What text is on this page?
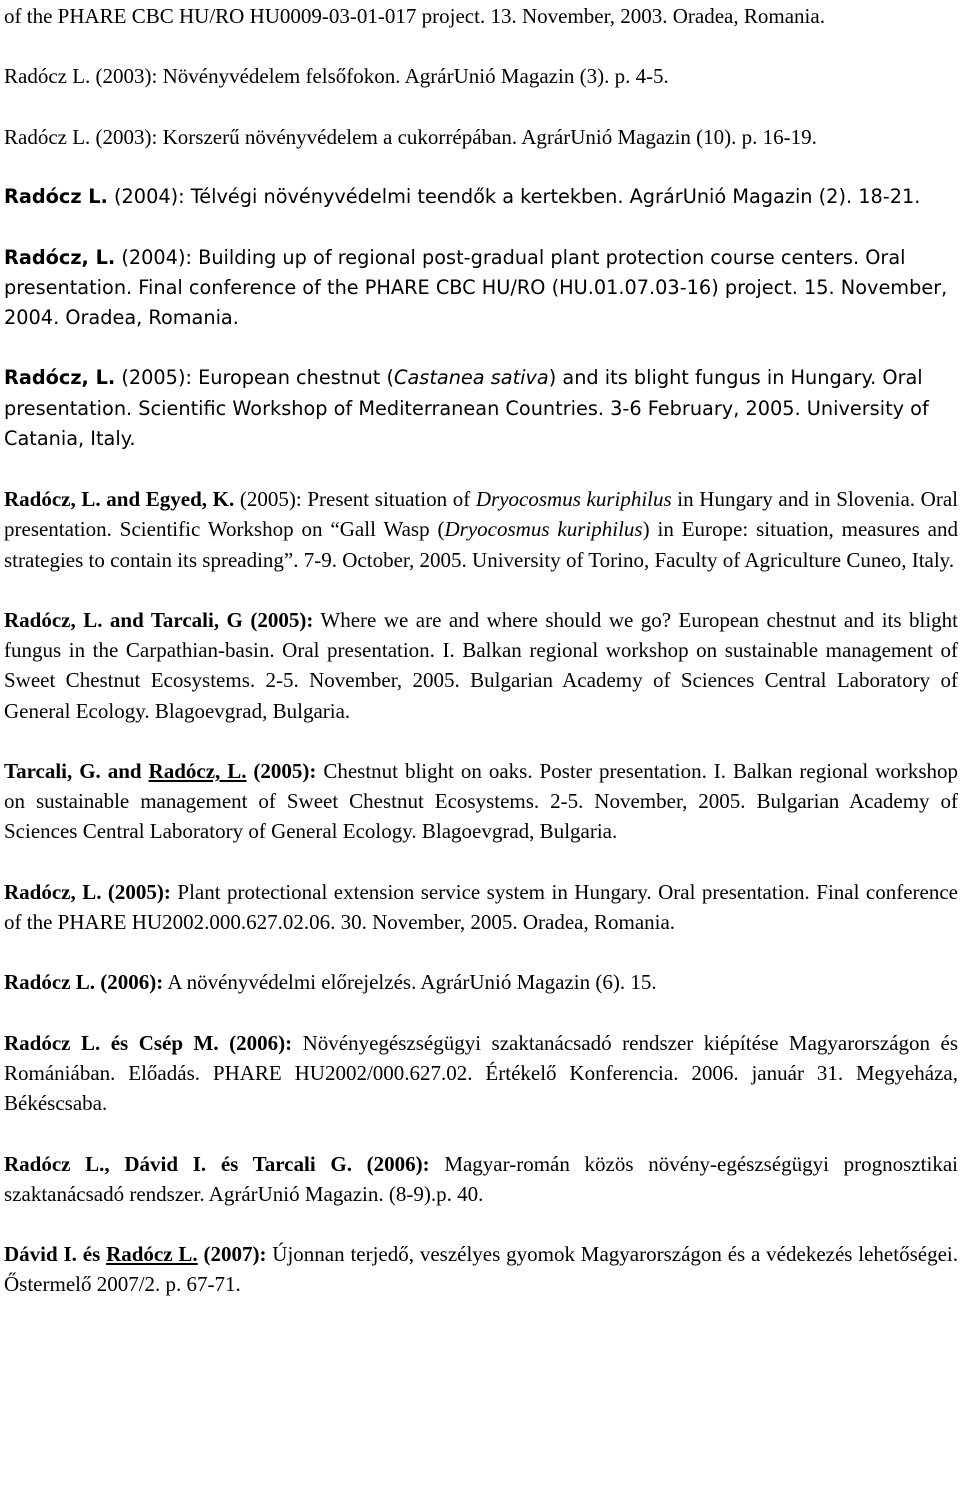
of the PHARE CBC HU/RO HU0009-03-01-017 project. 13. November, 2003. Oradea, Romania.

Radócz L. (2003): Növényvédelem felsőfokon. AgrárUnió Magazin (3). p. 4-5.

Radócz L. (2003): Korszerű növényvédelem a cukorrépában. AgrárUnió Magazin (10). p. 16-19.

Radócz L. (2004): Télvégi növényvédelmi teendők a kertekben. AgrárUnió Magazin (2). 18-21.

Radócz, L. (2004): Building up of regional post-gradual plant protection course centers. Oral presentation. Final conference of the PHARE CBC HU/RO (HU.01.07.03-16) project. 15. November, 2004. Oradea, Romania.

Radócz, L. (2005): European chestnut (Castanea sativa) and its blight fungus in Hungary. Oral presentation. Scientific Workshop of Mediterranean Countries. 3-6 February, 2005. University of Catania, Italy.

Radócz, L. and Egyed, K. (2005): Present situation of Dryocosmus kuriphilus in Hungary and in Slovenia. Oral presentation. Scientific Workshop on “Gall Wasp (Dryocosmus kuriphilus) in Europe: situation, measures and strategies to contain its spreading”. 7-9. October, 2005. University of Torino, Faculty of Agriculture Cuneo, Italy.

Radócz, L. and Tarcali, G (2005): Where we are and where should we go? European chestnut and its blight fungus in the Carpathian-basin. Oral presentation. I. Balkan regional workshop on sustainable management of Sweet Chestnut Ecosystems. 2-5. November, 2005. Bulgarian Academy of Sciences Central Laboratory of General Ecology. Blagoevgrad, Bulgaria.

Tarcali, G. and Radócz, L. (2005): Chestnut blight on oaks. Poster presentation. I. Balkan regional workshop on sustainable management of Sweet Chestnut Ecosystems. 2-5. November, 2005. Bulgarian Academy of Sciences Central Laboratory of General Ecology. Blagoevgrad, Bulgaria.

Radócz, L. (2005): Plant protectional extension service system in Hungary. Oral presentation. Final conference of the PHARE HU2002.000.627.02.06. 30. November, 2005. Oradea, Romania.

Radócz L. (2006): A növényvédelmi előrejelzés. AgrárUnió Magazin (6). 15.

Radócz L. és Csép M. (2006): Növényegészségügyi szaktanácsadó rendszer kiépítése Magyarországon és Romániában. Előadás. PHARE HU2002/000.627.02. Értékelő Konferencia. 2006. január 31. Megyeháza, Békéscsaba.

Radócz L., Dávid I. és Tarcali G. (2006): Magyar-román közös növény-egészségügyi prognosztikai szaktanácsadó rendszer. AgrárUnió Magazin. (8-9).p. 40.

Dávid I. és Radócz L. (2007): Újonnan terjedő, veszélyes gyomok Magyarországon és a védekezés lehetőségei. Őstermelő 2007/2. p. 67-71.
